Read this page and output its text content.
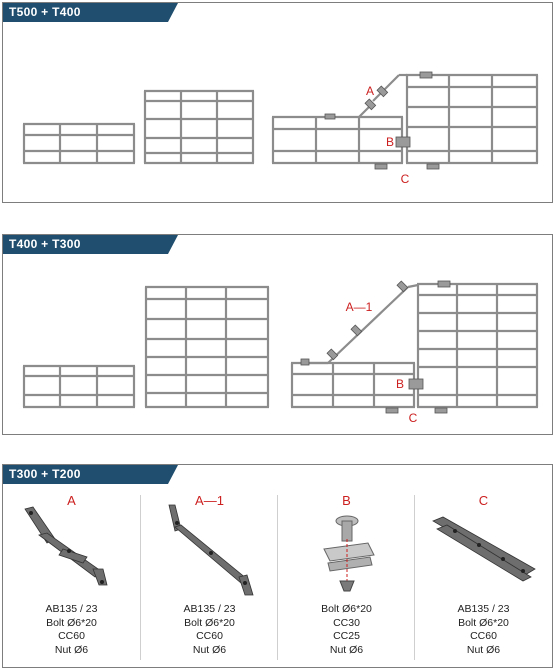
T500 + T400
A
B
C
T400 + T300
A—1
B
C
T300 + T200
A
AB135 / 23
Bolt Ø6*20
CC60
Nut Ø6
A—1
AB135 / 23
Bolt Ø6*20
CC60
Nut Ø6
B
Bolt Ø6*20
CC30
CC25
Nut Ø6
C
AB135 / 23
Bolt Ø6*20
CC60
Nut Ø6
